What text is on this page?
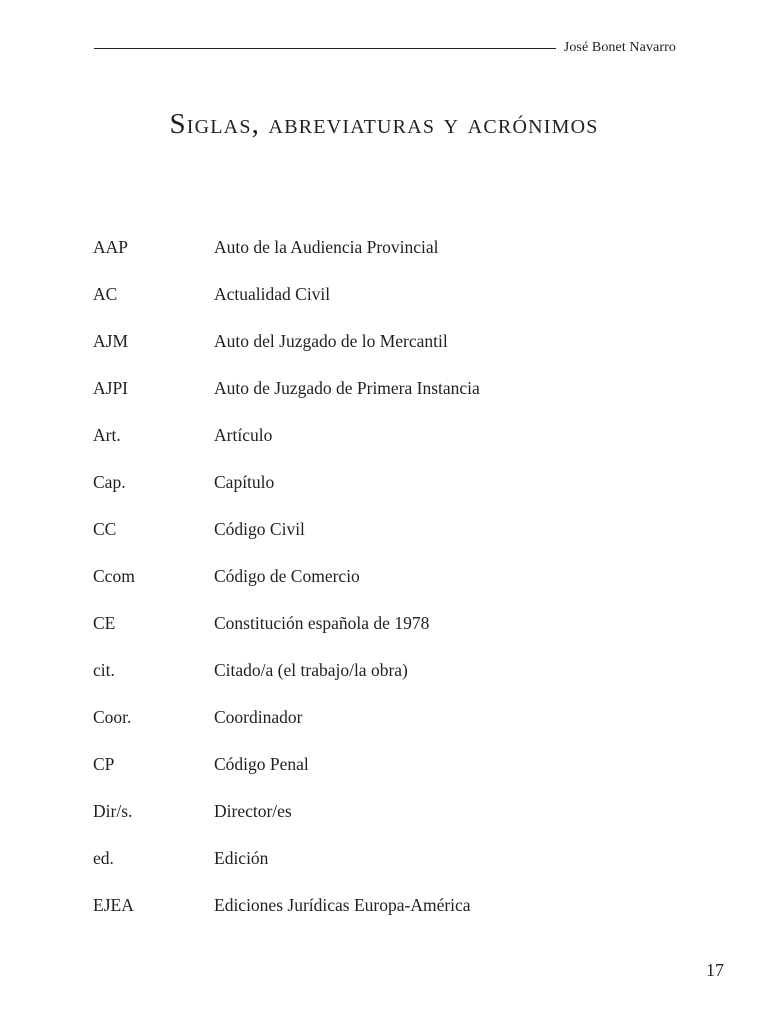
José Bonet Navarro
Siglas, abreviaturas y acrónimos
AAP	Auto de la Audiencia Provincial
AC	Actualidad Civil
AJM	Auto del Juzgado de lo Mercantil
AJPI	Auto de Juzgado de Primera Instancia
Art.	Artículo
Cap.	Capítulo
CC	Código Civil
Ccom	Código de Comercio
CE	Constitución española de 1978
cit.	Citado/a (el trabajo/la obra)
Coor.	Coordinador
CP	Código Penal
Dir/s.	Director/es
ed.	Edición
EJEA	Ediciones Jurídicas Europa-América
17
